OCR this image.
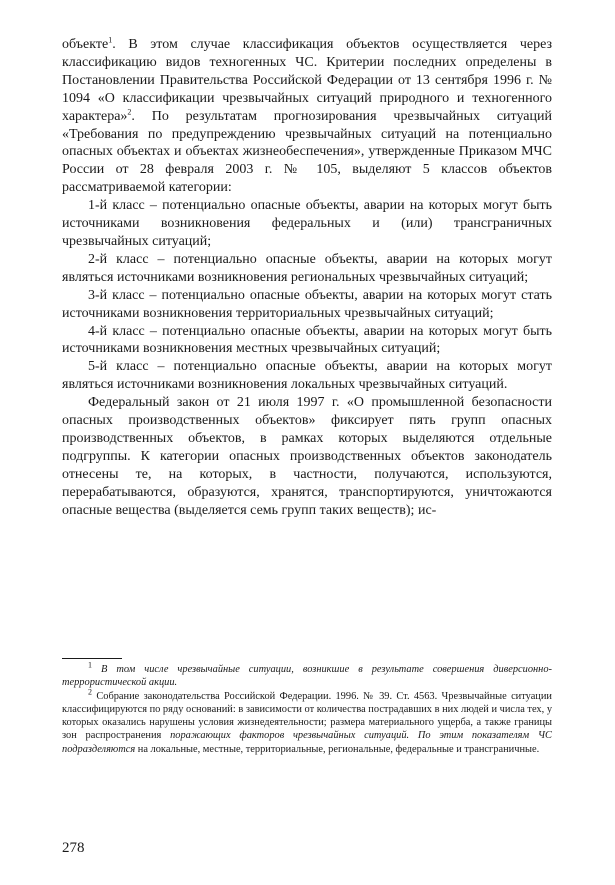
объекте$^1$. В этом случае классификация объектов осуществляется через классификацию видов техногенных ЧС. Критерии последних определены в Постановлении Правительства Российской Федерации от 13 сентября 1996 г. № 1094 «О классификации чрезвычайных ситуаций природного и техногенного характера»$^2$. По результатам прогнозирования чрезвычайных ситуаций «Требования по предупреждению чрезвычайных ситуаций на потенциально опасных объектах и объектах жизнеобеспечения», утвержденные Приказом МЧС России от 28 февраля 2003 г. № 105, выделяют 5 классов объектов рассматриваемой категории:

1-й класс – потенциально опасные объекты, аварии на которых могут быть источниками возникновения федеральных и (или) трансграничных чрезвычайных ситуаций;

2-й класс – потенциально опасные объекты, аварии на которых могут являться источниками возникновения региональных чрезвычайных ситуаций;

3-й класс – потенциально опасные объекты, аварии на которых могут стать источниками возникновения территориальных чрезвычайных ситуаций;

4-й класс – потенциально опасные объекты, аварии на которых могут быть источниками возникновения местных чрезвычайных ситуаций;

5-й класс – потенциально опасные объекты, аварии на которых могут являться источниками возникновения локальных чрезвычайных ситуаций.

Федеральный закон от 21 июля 1997 г. «О промышленной безопасности опасных производственных объектов» фиксирует пять групп опасных производственных объектов, в рамках которых выделяются отдельные подгруппы. К категории опасных производственных объектов законодатель отнесены те, на которых, в частности, получаются, используются, перерабатываются, образуются, хранятся, транспортируются, уничтожаются опасные вещества (выделяется семь групп таких веществ); ис-

$^1$ В том числе чрезвычайные ситуации, возникшие в результате совершения диверсионно-террористической акции.

$^2$ Собрание законодательства Российской Федерации. 1996. № 39. Ст. 4563. Чрезвычайные ситуации классифицируются по ряду оснований: в зависимости от количества пострадавших в них людей и числа тех, у которых оказались нарушены условия жизнедеятельности; размера материального ущерба, а также границы зон распространения поражающих факторов чрезвычайных ситуаций. По этим показателям ЧС подразделяются на локальные, местные, территориальные, региональные, федеральные и трансграничные.

278
